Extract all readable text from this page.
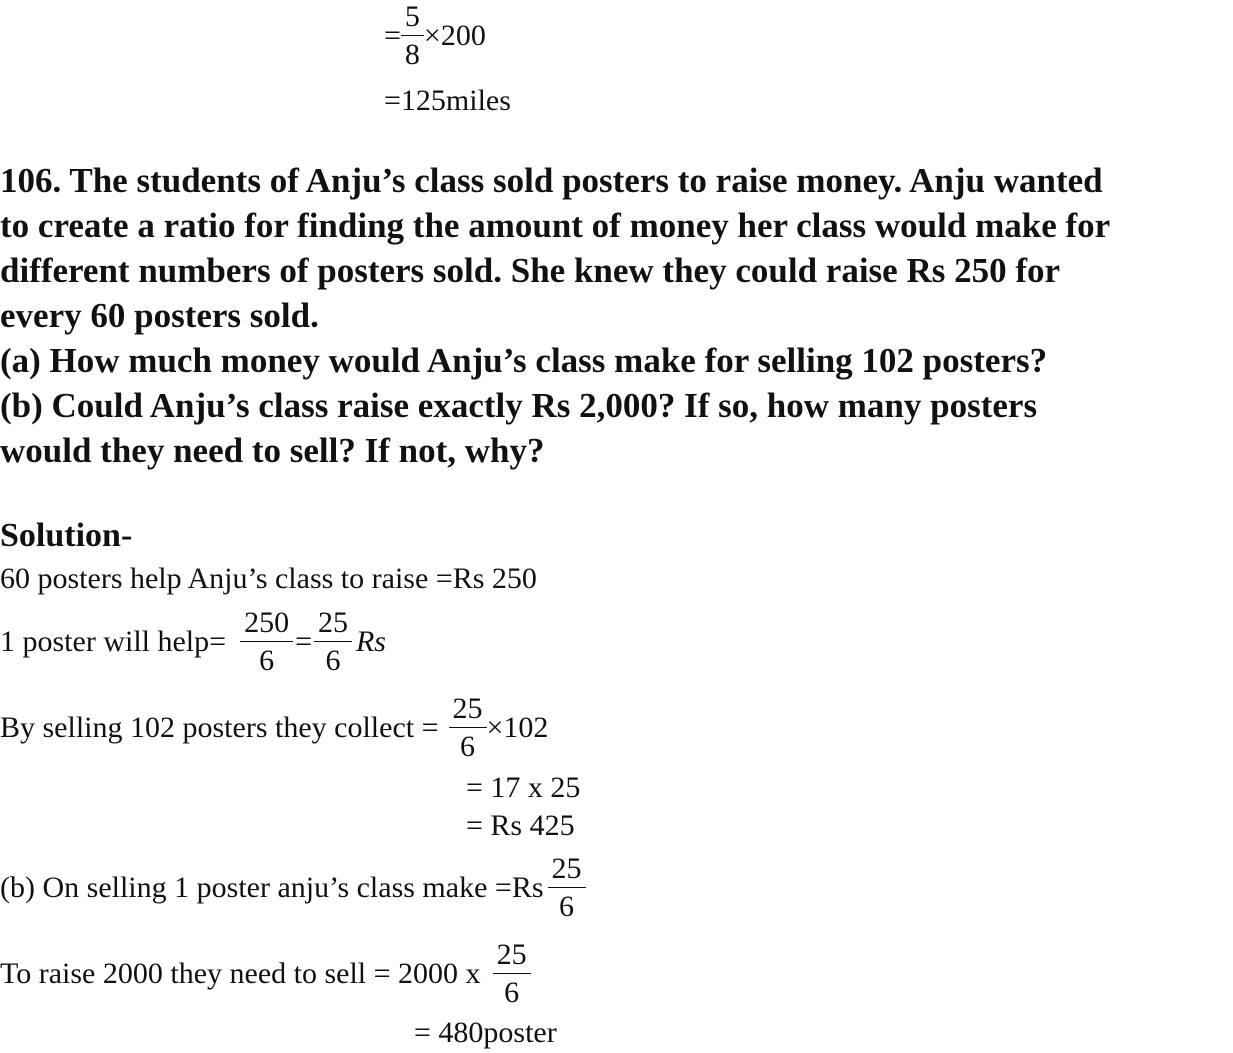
= $\frac{5}{8} \times 200$
=125miles
106. The students of Anju’s class sold posters to raise money. Anju wanted
to create a ratio for finding the amount of money her class would make for
different numbers of posters sold. She knew they could raise Rs 250 for
every 60 posters sold.
(a) How much money would Anju’s class make for selling 102 posters?
(b) Could Anju’s class raise exactly Rs 2,000? If so, how many posters
would they need to sell? If not, why?
Solution-
60 posters help Anju’s class to raise =Rs 250
1 poster will help= $\frac{250}{6} = \frac{25}{6}$ Rs
By selling 102 posters they collect = $\frac{25}{6} \times 102$
= 17 x 25
= Rs 425
(b) On selling 1 poster anju’s class make $=Rs \frac{25}{6}$
To raise 2000 they need to sell = 2000 x $\frac{25}{6}$
= 480poster
